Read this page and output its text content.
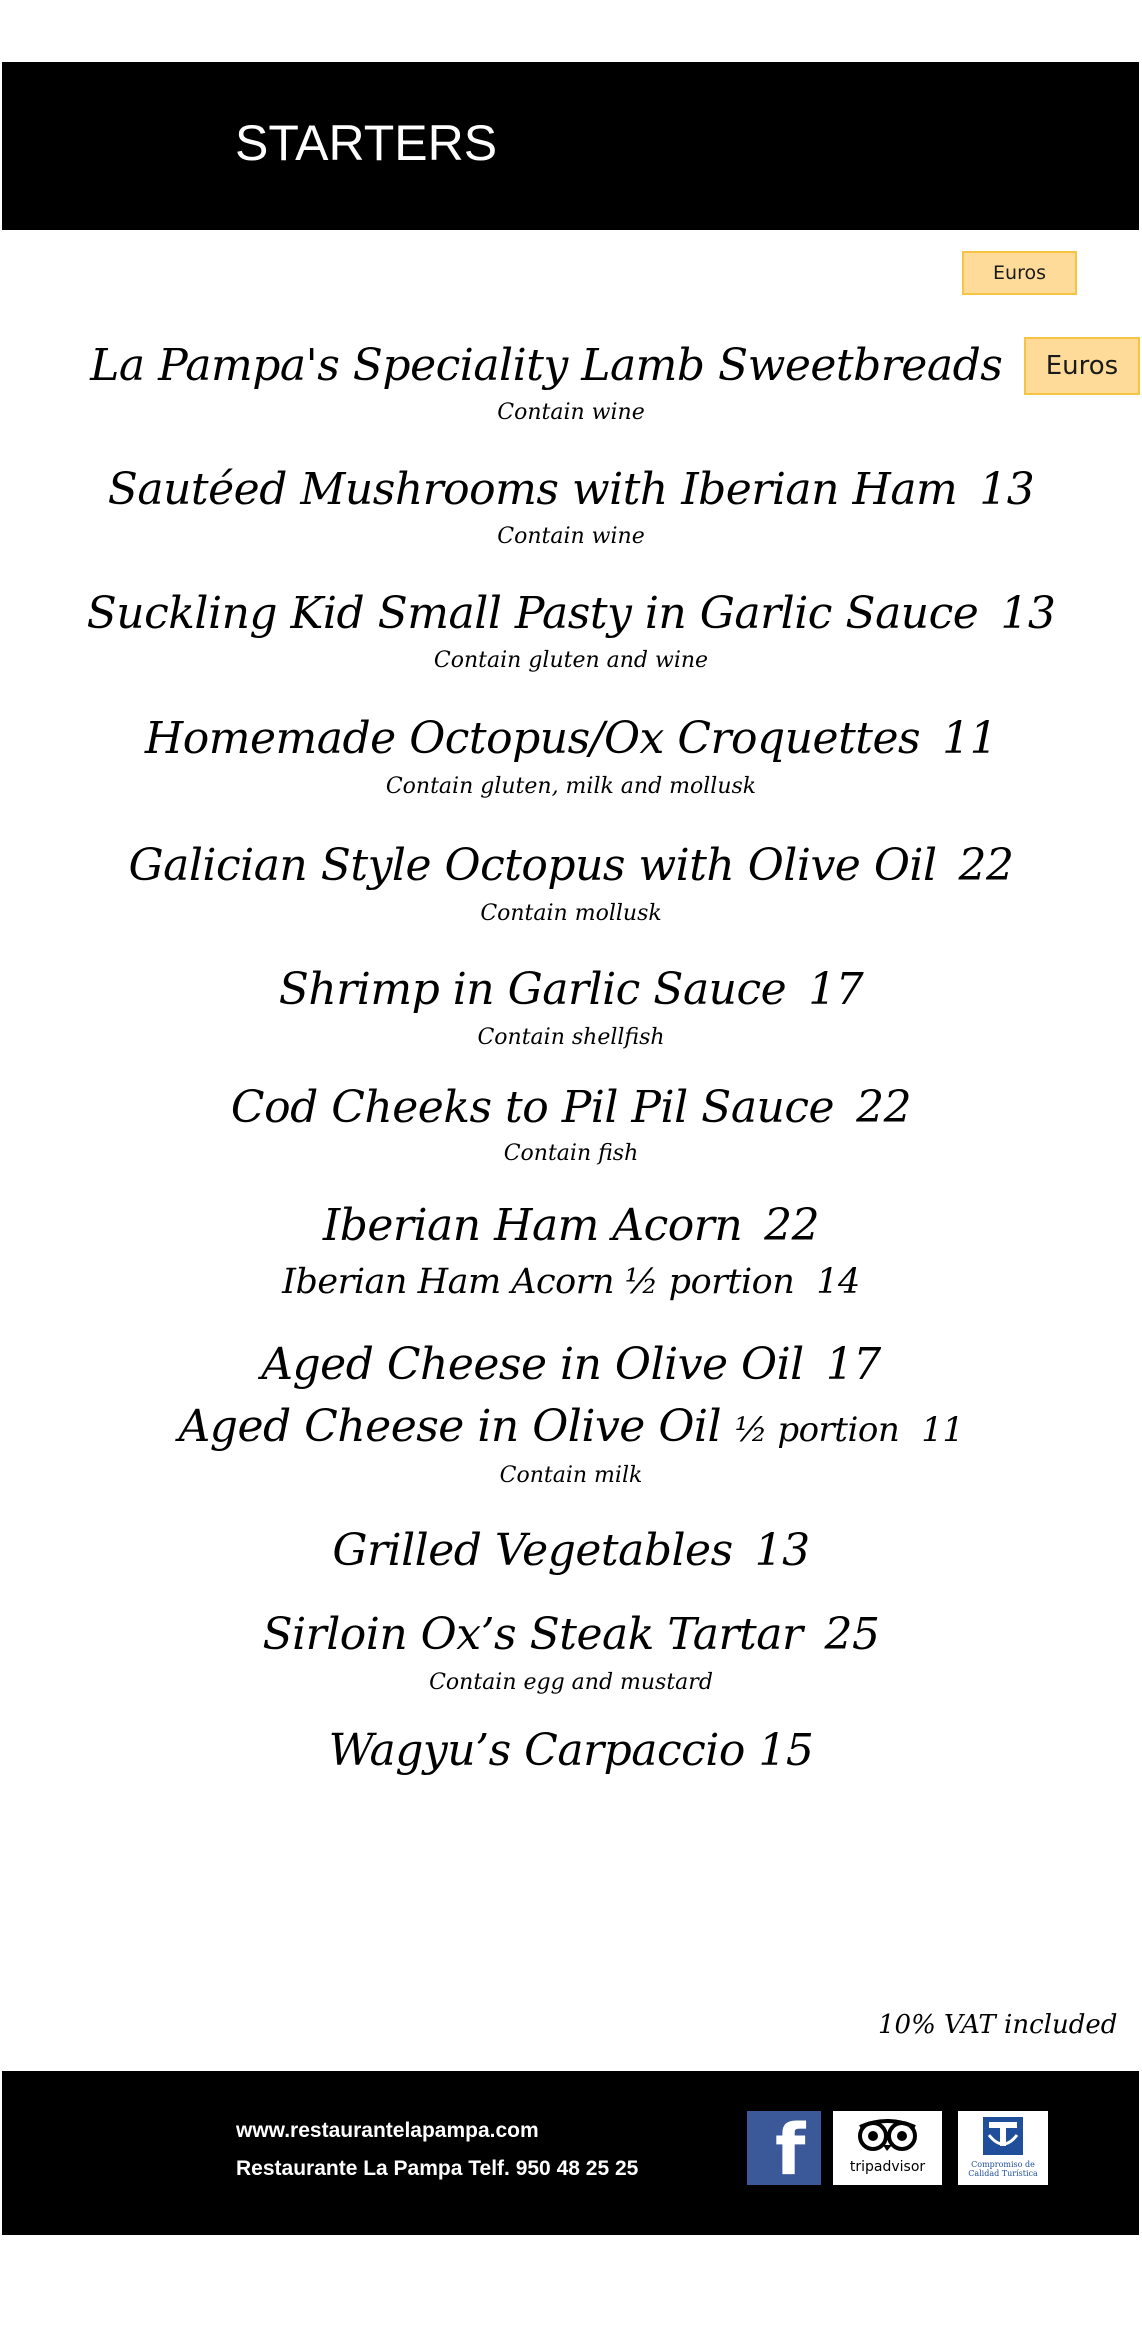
STARTERS
Euros
La Pampa's Speciality Lamb Sweetbreads	Euros
Contain wine
Sautéed Mushrooms with Iberian Ham 13
Contain wine
Suckling Kid Small Pasty in Garlic Sauce 13
Contain gluten and wine
Homemade Octopus/Ox Croquettes 11
Contain gluten, milk and mollusk
Galician Style Octopus with Olive Oil 22
Contain mollusk
Shrimp in Garlic Sauce 17
Contain shellfish
Cod Cheeks to Pil Pil Sauce 22
Contain fish
Iberian Ham Acorn 22
Iberian Ham Acorn ½ portion 14
Aged Cheese in Olive Oil 17
Aged Cheese in Olive Oil ½ portion 11
Contain milk
Grilled Vegetables 13
Sirloin Ox’s Steak Tartar 25
Contain egg and mustard
Wagyu’s Carpaccio 15
10% VAT included
www.restaurantelapampa.com
Restaurante La Pampa Telf. 950 48 25 25 f	tripadvisor	Compromiso de Calidad Turística
